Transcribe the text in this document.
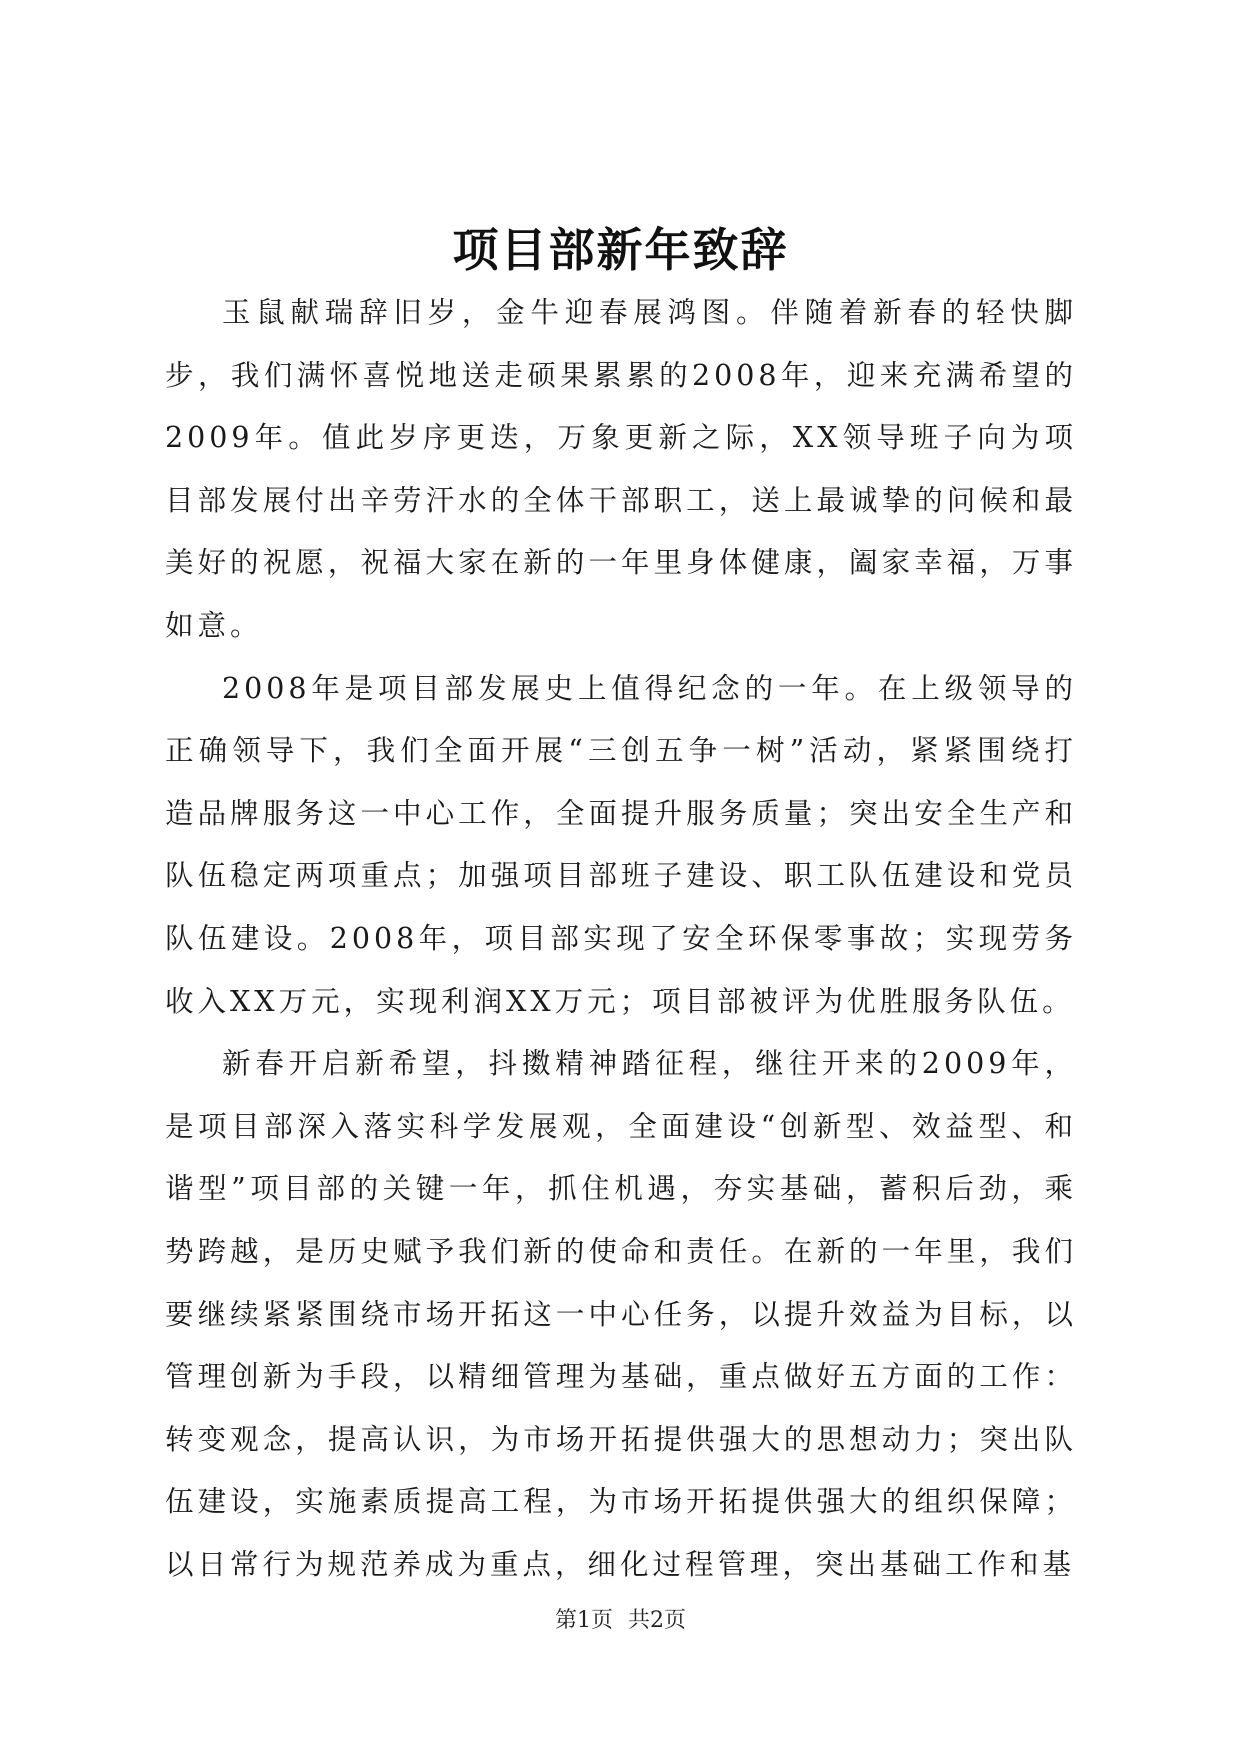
项目部新年致辞

玉鼠献瑞辞旧岁，金牛迎春展鸿图。伴随着新春的轻快脚步，我们满怀喜悦地送走硕果累累的2008年，迎来充满希望的2009年。值此岁序更迭，万象更新之际，XX领导班子向为项目部发展付出辛劳汗水的全体干部职工，送上最诚挚的问候和最美好的祝愿，祝福大家在新的一年里身体健康，阖家幸福，万事如意。

2008年是项目部发展史上值得纪念的一年。在上级领导的正确领导下，我们全面开展“三创五争一树”活动，紧紧围绕打造品牌服务这一中心工作，全面提升服务质量；突出安全生产和队伍稳定两项重点；加强项目部班子建设、职工队伍建设和党员队伍建设。2008年，项目部实现了安全环保零事故；实现劳务收入XX万元，实现利润XX万元；项目部被评为优胜服务队伍。

新春开启新希望，抖擞精神踏征程，继往开来的2009年，是项目部深入落实科学发展观，全面建设“创新型、效益型、和谐型”项目部的关键一年，抓住机遇，夯实基础，蓄积后劲，乘势跨越，是历史赋予我们新的使命和责任。在新的一年里，我们要继续紧紧围绕市场开拓这一中心任务，以提升效益为目标，以管理创新为手段，以精细管理为基础，重点做好五方面的工作：转变观念，提高认识，为市场开拓提供强大的思想动力；突出队伍建设，实施素质提高工程，为市场开拓提供强大的组织保障；以日常行为规范养成为重点，细化过程管理，突出基础工作和基

第1页 共2页
